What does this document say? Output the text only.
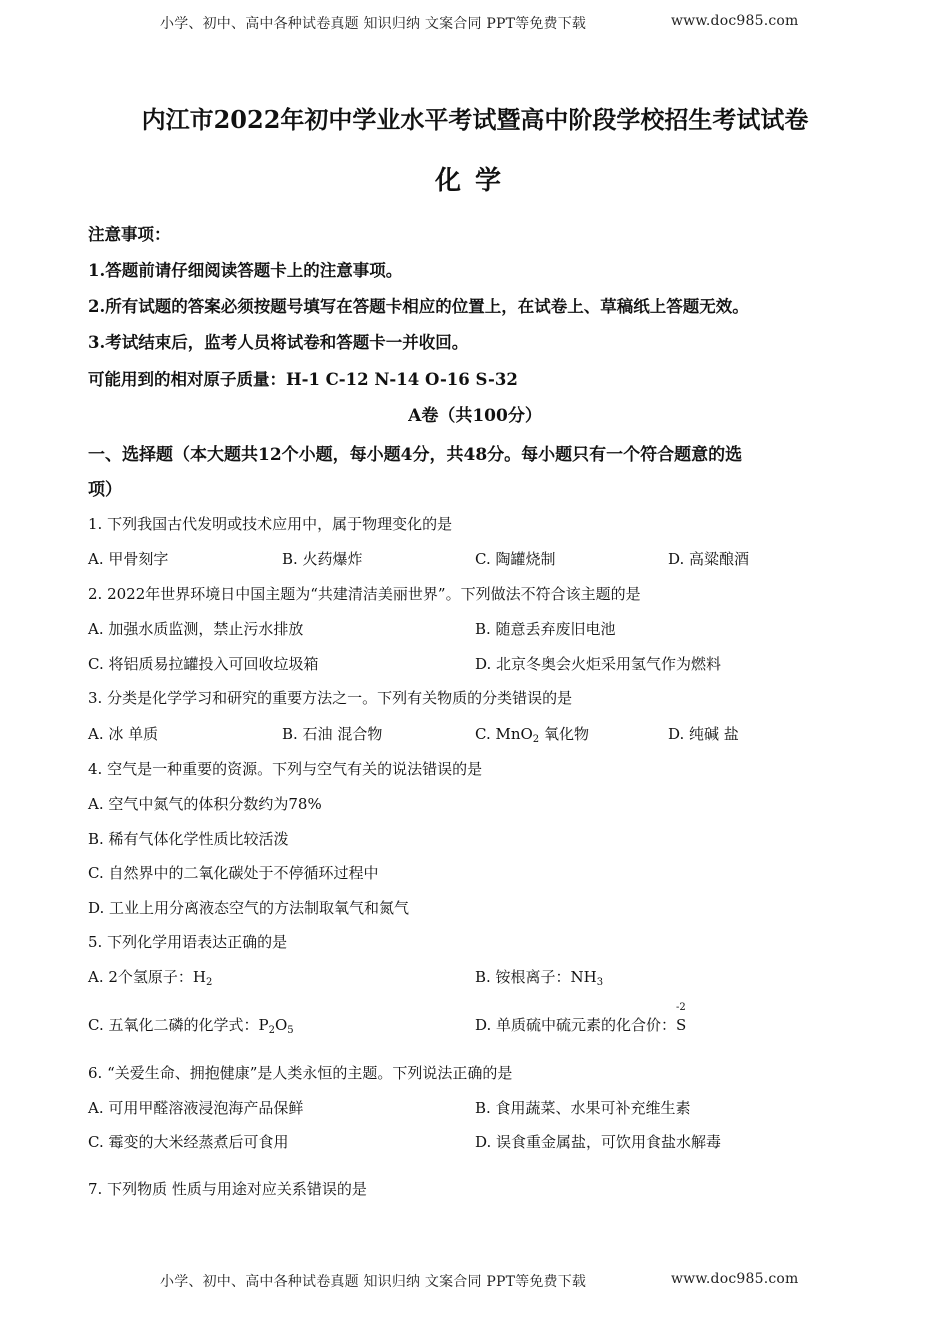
小学、初中、高中各种试卷真题 知识归纳 文案合同 PPT等免费下载	www.doc985.com
内江市2022年初中学业水平考试暨高中阶段学校招生考试试卷
化学
注意事项：
1.答题前请仔细阅读答题卡上的注意事项。
2.所有试题的答案必须按题号填写在答题卡相应的位置上，在试卷上、草稿纸上答题无效。
3.考试结束后，监考人员将试卷和答题卡一并收回。
可能用到的相对原子质量：H-1 C-12 N-14 O-16 S-32
A卷（共100分）
一、选择题（本大题共12个小题，每小题4分，共48分。每小题只有一个符合题意的选
项）
1. 下列我国古代发明或技术应用中，属于物理变化的是
A. 甲骨刻字	B. 火药爆炸	C. 陶罐烧制	D. 高粱酿酒
2. 2022年世界环境日中国主题为“共建清洁美丽世界”。下列做法不符合该主题的是
A. 加强水质监测，禁止污水排放	B. 随意丢弃废旧电池
C. 将铝质易拉罐投入可回收垃圾箱	D. 北京冬奥会火炬采用氢气作为燃料
3. 分类是化学学习和研究的重要方法之一。下列有关物质的分类错误的是
A. 冰 单质	B. 石油 混合物	C. MnO$_2$ 氧化物	D. 纯碱 盐
4. 空气是一种重要的资源。下列与空气有关的说法错误的是
A. 空气中氮气的体积分数约为78%
B. 稀有气体化学性质比较活泼
C. 自然界中的二氧化碳处于不停循环过程中
D. 工业上用分离液态空气的方法制取氧气和氮气
5. 下列化学用语表达正确的是
A. 2个氢原子：$H_2$	B. 铵根离子：$NH_3$
C. 五氧化二磷的化学式：$P_2O_5$	D. 单质硫中硫元素的化合价：
-2
S
6. “关爱生命、拥抱健康”是人类永恒的主题。下列说法正确的是
A. 可用甲醛溶液浸泡海产品保鲜	B. 食用蔬菜、水果可补充维生素
C. 霉变的大米经蒸煮后可食用	D. 误食重金属盐，可饮用食盐水解毒
7. 下列物质 性质与用途对应关系错误的是
小学、初中、高中各种试卷真题 知识归纳 文案合同 PPT等免费下载	www.doc985.com
